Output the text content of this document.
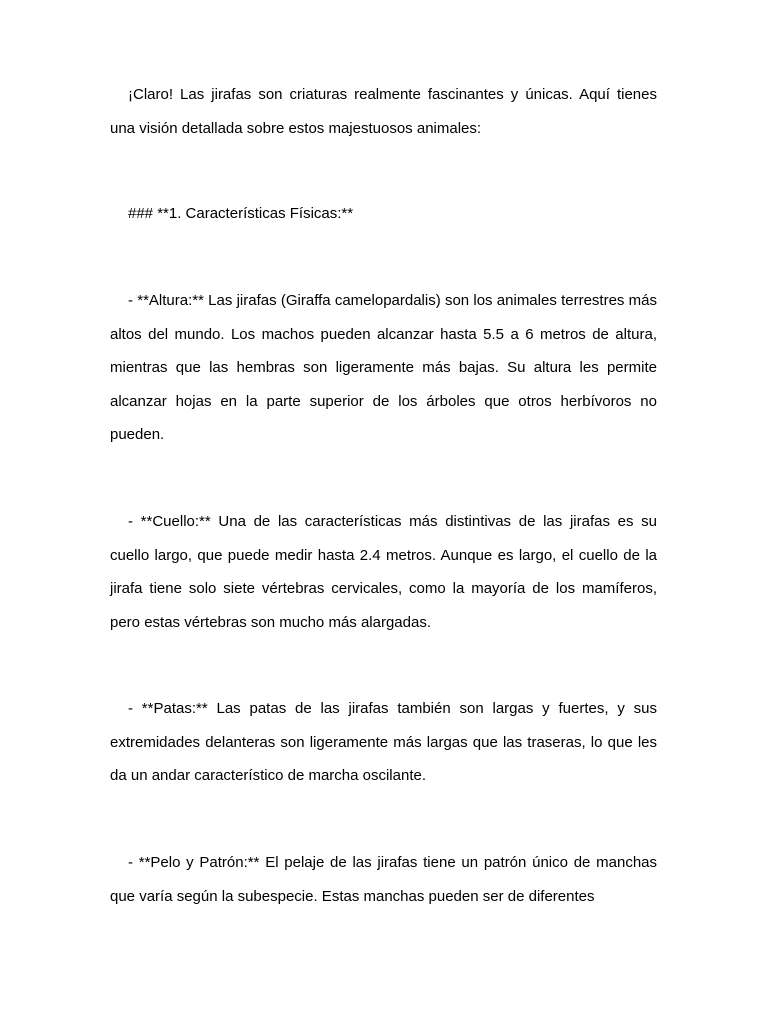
¡Claro! Las jirafas son criaturas realmente fascinantes y únicas. Aquí tienes una visión detallada sobre estos majestuosos animales:

### **1. Características Físicas:**

- **Altura:** Las jirafas (Giraffa camelopardalis) son los animales terrestres más altos del mundo. Los machos pueden alcanzar hasta 5.5 a 6 metros de altura, mientras que las hembras son ligeramente más bajas. Su altura les permite alcanzar hojas en la parte superior de los árboles que otros herbívoros no pueden.

- **Cuello:** Una de las características más distintivas de las jirafas es su cuello largo, que puede medir hasta 2.4 metros. Aunque es largo, el cuello de la jirafa tiene solo siete vértebras cervicales, como la mayoría de los mamíferos, pero estas vértebras son mucho más alargadas.

- **Patas:** Las patas de las jirafas también son largas y fuertes, y sus extremidades delanteras son ligeramente más largas que las traseras, lo que les da un andar característico de marcha oscilante.

- **Pelo y Patrón:** El pelaje de las jirafas tiene un patrón único de manchas que varía según la subespecie. Estas manchas pueden ser de diferentes
